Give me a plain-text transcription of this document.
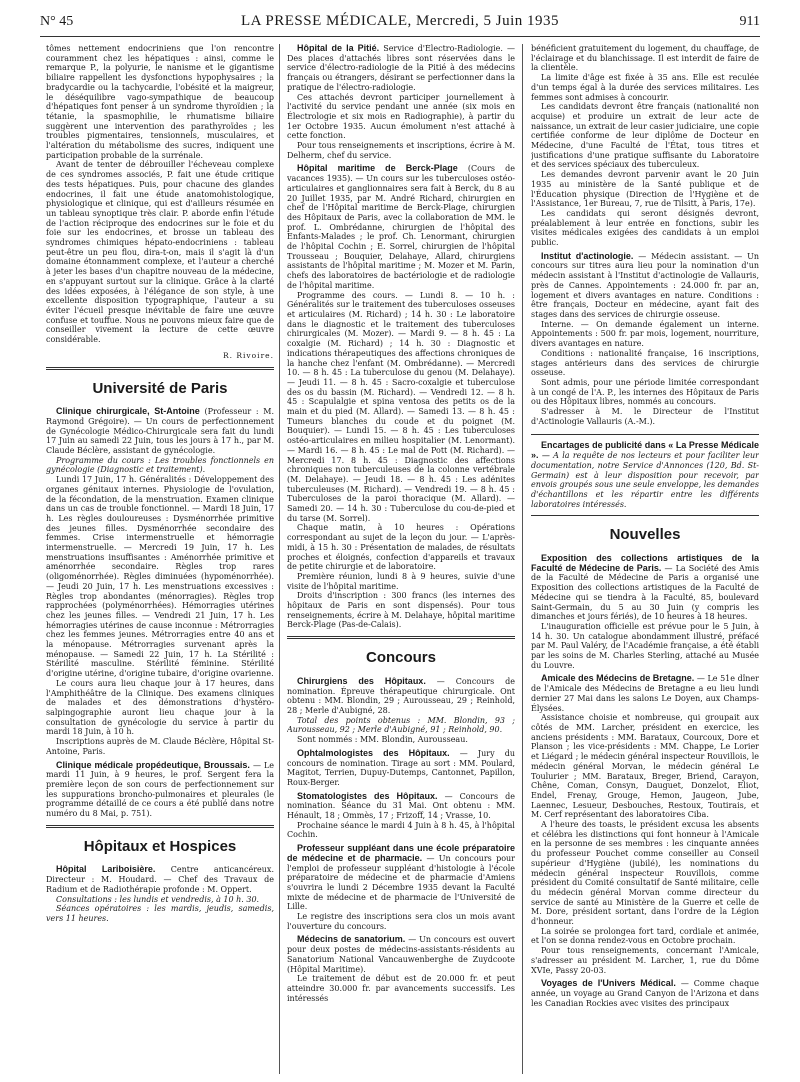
N° 45	LA PRESSE MÉDICALE, Mercredi, 5 Juin 1935	911

tômes nettement endocriniens que l'on rencontre couramment chez les hépatiques : ainsi, comme le remarque P., la polyurie, le nanisme et le gigantisme biliaire rappellent les dysfonctions hypophysaires ; la bradycardie ou la tachycardie, l'obésité et la maigreur, le déséquilibre vago-sympathique de beaucoup d'hépatiques font penser à un syndrome thyroïdien ; la tétanie, la spasmophilie, le rhumatisme biliaire suggèrent une intervention des parathyroïdes ; les troubles pigmentaires, tensionnels, musculaires, et l'altération du métabolisme des sucres, indiquent une participation probable de la surrénale.

Avant de tenter de débrouiller l'écheveau complexe de ces syndromes associés, P. fait une étude critique des tests hépatiques. Puis, pour chacune des glandes endocrines, il fait une étude anatomohistologique, physiologique et clinique, qui est d'ailleurs résumée en un tableau synoptique très clair. P. aborde enfin l'étude de l'action réciproque des endocrines sur le foie et du foie sur les endocrines, et brosse un tableau des syndromes chimiques hépato-endocriniens : tableau peut-être un peu flou, dira-t-on, mais il s'agit là d'un domaine étonnamment complexe, et l'auteur a cherché à jeter les bases d'un chapitre nouveau de la médecine, en s'appuyant surtout sur la clinique. Grâce à la clarté des idées exposées, à l'élégance de son style, à une excellente disposition typographique, l'auteur a su éviter l'écueil presque inévitable de faire une œuvre confuse et touffue. Nous ne pouvons mieux faire que de conseiller vivement la lecture de cette œuvre considérable.

R. Rivoire.

Université de Paris

Clinique chirurgicale, St-Antoine (Professeur : M. Raymond Grégoire). — Un cours de perfectionnement de Gynécologie Médico-Chirurgicale sera fait du lundi 17 Juin au samedi 22 Juin, tous les jours à 17 h., par M. Claude Béclère, assistant de gynécologie.

Programme du cours : Les troubles fonctionnels en gynécologie (Diagnostic et traitement).

Lundi 17 Juin, 17 h. Généralités : Développement des organes génitaux internes. Physiologie de l'ovulation, de la fécondation, de la menstruation. Examen clinique dans un cas de trouble fonctionnel. — Mardi 18 Juin, 17 h. Les règles douloureuses : Dysménorrhée primitive des jeunes filles. Dysménorrhée secondaire des femmes. Crise intermenstruelle et hémorragie intermenstruelle. — Mercredi 19 Juin, 17 h. Les menstruations insuffisantes : Aménorrhée primitive et aménorrhée secondaire. Règles trop rares (oligoménorrhée). Règles diminuées (hypoménorrhée). — Jeudi 20 Juin, 17 h. Les menstruations excessives : Règles trop abondantes (ménorragies). Règles trop rapprochées (polyménorrhées). Hémorragies utérines chez les jeunes filles. — Vendredi 21 Juin, 17 h. Les hémorragies utérines de cause inconnue : Métrorragies chez les femmes jeunes. Métrorragies entre 40 ans et la ménopause. Métrorragies survenant après la ménopause. — Samedi 22 Juin, 17 h. La Stérilité : Stérilité masculine. Stérilité féminine. Stérilité d'origine utérine, d'origine tubaire, d'origine ovarienne.

Le cours aura lieu chaque jour à 17 heures, dans l'Amphithéâtre de la Clinique. Des examens cliniques de malades et des démonstrations d'hystéro-salpingographie auront lieu chaque jour à la consultation de gynécologie du service à partir du mardi 18 Juin, à 10 h.

Inscriptions auprès de M. Claude Béclère, Hôpital St-Antoine, Paris.

Clinique médicale propédeutique, Broussais. — Le mardi 11 Juin, à 9 heures, le prof. Sergent fera la première leçon de son cours de perfectionnement sur les suppurations broncho-pulmonaires et pleurales (le programme détaillé de ce cours a été publié dans notre numéro du 8 Mai, p. 751).

Hôpitaux et Hospices

Hôpital Lariboisière. Centre anticancéreux. Directeur : M. Houdard. — Chef des Travaux de Radium et de Radiothérapie profonde : M. Oppert.

Consultations : les lundis et vendredis, à 10 h. 30.

Séances opératoires : les mardis, jeudis, samedis, vers 11 heures.

Hôpital de la Pitié. Service d'Électro-Radiologie. — Des places d'attachés libres sont réservées dans le service d'électro-radiologie de la Pitié à des médecins français ou étrangers, désirant se perfectionner dans la pratique de l'électro-radiologie.

Ces attachés devront participer journellement à l'activité du service pendant une année (six mois en Électrologie et six mois en Radiographie), à partir du 1er Octobre 1935. Aucun émolument n'est attaché à cette fonction.

Pour tous renseignements et inscriptions, écrire à M. Delherm, chef du service.

Hôpital maritime de Berck-Plage (Cours de vacances 1935). — Un cours sur les tuberculoses ostéo-articulaires et ganglionnaires sera fait à Berck, du 8 au 20 Juillet 1935, par M. André Richard, chirurgien en chef de l'Hôpital maritime de Berck-Plage, chirurgien des Hôpitaux de Paris, avec la collaboration de MM. le prof. L. Ombrédanne, chirurgien de l'hôpital des Enfants-Malades ; le prof. Ch. Lenormant, chirurgien de l'hôpital Cochin ; E. Sorrel, chirurgien de l'hôpital Trousseau ; Bouquier, Delahaye, Allard, chirurgiens assistants de l'hôpital maritime ; M. Mozer et M. Parin, chefs des laboratoires de bactériologie et de radiologie de l'hôpital maritime.

Programme des cours. — Lundi 8. — 10 h. : Généralités sur le traitement des tuberculoses osseuses et articulaires (M. Richard) ; 14 h. 30 : Le laboratoire dans le diagnostic et le traitement des tuberculoses chirurgicales (M. Mozer). — Mardi 9. — 8 h. 45 : La coxalgie (M. Richard) ; 14 h. 30 : Diagnostic et indications thérapeutiques des affections chroniques de la hanche chez l'enfant (M. Ombrédanne). — Mercredi 10. — 8 h. 45 : La tuberculose du genou (M. Delahaye). — Jeudi 11. — 8 h. 45 : Sacro-coxalgie et tuberculose des os du bassin (M. Richard). — Vendredi 12. — 8 h. 45 : Scapulalgie et spina ventosa des petits os de la main et du pied (M. Allard). — Samedi 13. — 8 h. 45 : Tumeurs blanches du coude et du poignet (M. Bouquier). — Lundi 15. — 8 h. 45 : Les tuberculoses ostéo-articulaires en milieu hospitalier (M. Lenormant). — Mardi 16. — 8 h. 45 : Le mal de Pott (M. Richard). — Mercredi 17. 8 h. 45 : Diagnostic des affections chroniques non tuberculeuses de la colonne vertébrale (M. Delahaye). — Jeudi 18. — 8 h. 45 : Les adénites tuberculeuses (M. Richard). — Vendredi 19. — 8 h. 45 : Tuberculoses de la paroi thoracique (M. Allard). — Samedi 20. — 14 h. 30 : Tuberculose du cou-de-pied et du tarse (M. Sorrel).

Chaque matin, à 10 heures : Opérations correspondant au sujet de la leçon du jour. — L'après-midi, à 15 h. 30 : Présentation de malades, de résultats proches et éloignés, confection d'appareils et travaux de petite chirurgie et de laboratoire.

Première réunion, lundi 8 à 9 heures, suivie d'une visite de l'hôpital maritime.

Droits d'inscription : 300 francs (les internes des hôpitaux de Paris en sont dispensés). Pour tous renseignements, écrire à M. Delahaye, hôpital maritime Berck-Plage (Pas-de-Calais).

Concours

Chirurgiens des Hôpitaux. — Concours de nomination. Épreuve thérapeutique chirurgicale. Ont obtenu : MM. Blondin, 29 ; Aurousseau, 29 ; Reinhold, 28 ; Merle d'Aubigné, 28.

Total des points obtenus : MM. Blondin, 93 ; Aurousseau, 92 ; Merle d'Aubigné, 91 ; Reinhold, 90.

Sont nommés : MM. Blondin, Aurousseau.

Ophtalmologistes des Hôpitaux. — Jury du concours de nomination. Tirage au sort : MM. Poulard, Magitot, Terrien, Dupuy-Dutemps, Cantonnet, Papillon, Roux-Berger.

Stomatologistes des Hôpitaux. — Concours de nomination. Séance du 31 Mai. Ont obtenu : MM. Hénault, 18 ; Ommès, 17 ; Frizoff, 14 ; Vrasse, 10.

Prochaine séance le mardi 4 Juin à 8 h. 45, à l'hôpital Cochin.

Professeur suppléant dans une école préparatoire de médecine et de pharmacie. — Un concours pour l'emploi de professeur suppléant d'histologie à l'école préparatoire de médecine et de pharmacie d'Amiens s'ouvrira le lundi 2 Décembre 1935 devant la Faculté mixte de médecine et de pharmacie de l'Université de Lille.

Le registre des inscriptions sera clos un mois avant l'ouverture du concours.

Médecins de sanatorium. — Un concours est ouvert pour deux postes de médecins-assistants-résidents au Sanatorium National Vancauwenberghe de Zuydcoote (Hôpital Maritime).

Le traitement de début est de 20.000 fr. et peut atteindre 30.000 fr. par avancements successifs. Les intéressés

bénéficient gratuitement du logement, du chauffage, de l'éclairage et du blanchissage. Il est interdit de faire de la clientèle.

La limite d'âge est fixée à 35 ans. Elle est reculée d'un temps égal à la durée des services militaires. Les femmes sont admises à concourir.

Les candidats devront être français (nationalité non acquise) et produire un extrait de leur acte de naissance, un extrait de leur casier judiciaire, une copie certifiée conforme de leur diplôme de Docteur en Médecine, d'une Faculté de l'État, tous titres et justifications d'une pratique suffisante du Laboratoire et des services spéciaux des tuberculeux.

Les demandes devront parvenir avant le 20 Juin 1935 au ministère de la Santé publique et de l'Éducation physique (Direction de l'Hygiène et de l'Assistance, 1er Bureau, 7, rue de Tilsitt, à Paris, 17e).

Les candidats qui seront désignés devront, préalablement à leur entrée en fonctions, subir les visites médicales exigées des candidats à un emploi public.

Institut d'actinologie. — Médecin assistant. — Un concours sur titres aura lieu pour la nomination d'un médecin assistant à l'Institut d'actinologie de Vallauris, près de Cannes. Appointements : 24.000 fr. par an, logement et divers avantages en nature. Conditions : être français, Docteur en médecine, ayant fait des stages dans des services de chirurgie osseuse.

Interne. — On demande également un interne. Appointements : 500 fr. par mois, logement, nourriture, divers avantages en nature.

Conditions : nationalité française, 16 inscriptions, stages antérieurs dans des services de chirurgie osseuse.

Sont admis, pour une période limitée correspondant à un congé de l'A. P., les internes des Hôpitaux de Paris ou des Hôpitaux libres, nommés au concours.

S'adresser à M. le Directeur de l'Institut d'Actinologie Vallauris (A.-M.).

Encartages de publicité dans « La Presse Médicale ». — A la requête de nos lecteurs et pour faciliter leur documentation, notre Service d'Annonces (120, Bd. St-Germain) est à leur disposition pour recevoir, par envois groupés sous une seule enveloppe, les demandes d'échantillons et les répartir entre les différents laboratoires intéressés.

Nouvelles

Exposition des collections artistiques de la Faculté de Médecine de Paris. — La Société des Amis de la Faculté de Médecine de Paris a organisé une Exposition des collections artistiques de la Faculté de Médecine qui se tiendra à la Faculté, 85, boulevard Saint-Germain, du 5 au 30 Juin (y compris les dimanches et jours fériés), de 10 heures à 18 heures.

L'inauguration officielle est prévue pour le 5 Juin, à 14 h. 30. Un catalogue abondamment illustré, préfacé par M. Paul Valéry, de l'Académie française, a été établi par les soins de M. Charles Sterling, attaché au Musée du Louvre.

Amicale des Médecins de Bretagne. — Le 51e dîner de l'Amicale des Médecins de Bretagne a eu lieu lundi dernier 27 Mai dans les salons Le Doyen, aux Champs-Élysées.

Assistance choisie et nombreuse, qui groupait aux côtés de MM. Larcher, président en exercice, les anciens présidents : MM. Barataux, Courcoux, Dore et Planson ; les vice-présidents : MM. Chappe, Le Lorier et Liégard ; le médecin général inspecteur Rouvillois, le médecin général Morvan, le médecin général Le Toulurier ; MM. Barataux, Breger, Briend, Carayon, Chêne, Coman, Consyn, Dauguet, Donzelot, Eliot, Endel, Frenay, Grouge, Hemon, Jaugeon, Jube, Laennec, Lesueur, Desbouches, Restoux, Toutirais, et M. Cerf représentant des laboratoires Ciba.

A l'heure des toasts, le président excusa les absents et célébra les distinctions qui font honneur à l'Amicale en la personne de ses membres : les cinquante années du professeur Pouchet comme conseiller au Conseil supérieur d'Hygiène (jubilé), les nominations du médecin général inspecteur Rouvillois, comme président du Comité consultatif de Santé militaire, celle du médecin général Morvan comme directeur du service de santé au Ministère de la Guerre et celle de M. Dore, président sortant, dans l'ordre de la Légion d'honneur.

La soirée se prolongea fort tard, cordiale et animée, et l'on se donna rendez-vous en Octobre prochain.

Pour tous renseignements, concernant l'Amicale, s'adresser au président M. Larcher, 1, rue du Dôme XVIe, Passy 20-03.

Voyages de l'Univers Médical. — Comme chaque année, un voyage au Grand Canyon de l'Arizona et dans les Canadian Rockies avec visites des principaux
